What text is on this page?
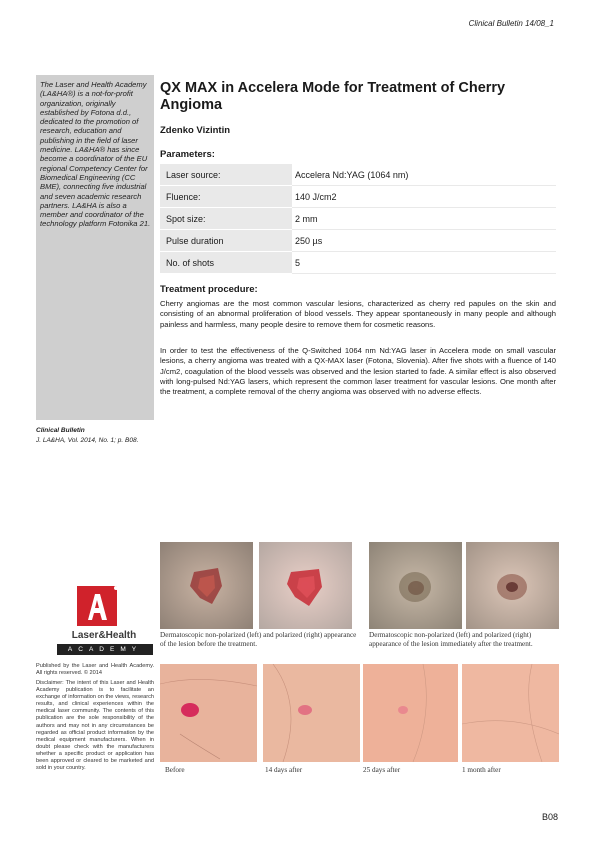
Clinical Bulletin 14/08_1
The Laser and Health Academy (LA&HA®) is a not-for-profit organization, originally established by Fotona d.d., dedicated to the promotion of research, education and publishing in the field of laser medicine. LA&HA® has since become a coordinator of the EU regional Competency Center for Biomedical Engineering (CC BME), connecting five industrial and seven academic research partners. LA&HA is also a member and coordinator of the technology platform Fotonika 21.
Clinical Bulletin
J. LA&HA, Vol. 2014, No. 1; p. B08.
QX MAX in Accelera Mode for Treatment of Cherry Angioma
Zdenko Vizintin
Parameters:
Laser source:	Accelera Nd:YAG (1064 nm)
Fluence:	140 J/cm2
Spot size:	2 mm
Pulse duration	250 µs
No. of shots	5
Treatment procedure:
Cherry angiomas are the most common vascular lesions, characterized as cherry red papules on the skin and consisting of an abnormal proliferation of blood vessels. They appear spontaneously in many people and although painless and harmless, many people desire to remove them for cosmetic reasons.
In order to test the effectiveness of the Q-Switched 1064 nm Nd:YAG laser in Accelera mode on small vascular lesions, a cherry angioma was treated with a QX-MAX laser (Fotona, Slovenia). After five shots with a fluence of 140 J/cm2, coagulation of the blood vessels was observed and the lesion started to fade. A similar effect is also observed with long-pulsed Nd:YAG lasers, which represent the common laser treatment for vascular lesions. One month after the treatment, a complete removal of the cherry angioma was observed with no adverse effects.
Dermatoscopic non-polarized (left) and polarized (right) appearance of the lesion before the treatment.
Dermatoscopic non-polarized (left) and polarized (right) appearance of the lesion immediately after the treatment.
Before	14 days after	25 days after	1 month after
Laser&Health
ACADEMY
Published by the Laser and Health Academy. All rights reserved. © 2014
Disclaimer: The intent of this Laser and Health Academy publication is to facilitate an exchange of information on the views, research results, and clinical experiences within the medical laser community. The contents of this publication are the sole responsibility of the authors and may not in any circumstances be regarded as official product information by the medical equipment manufacturers. When in doubt please check with the manufacturers whether a specific product or application has been approved or cleared to be marketed and sold in your country.
B08
